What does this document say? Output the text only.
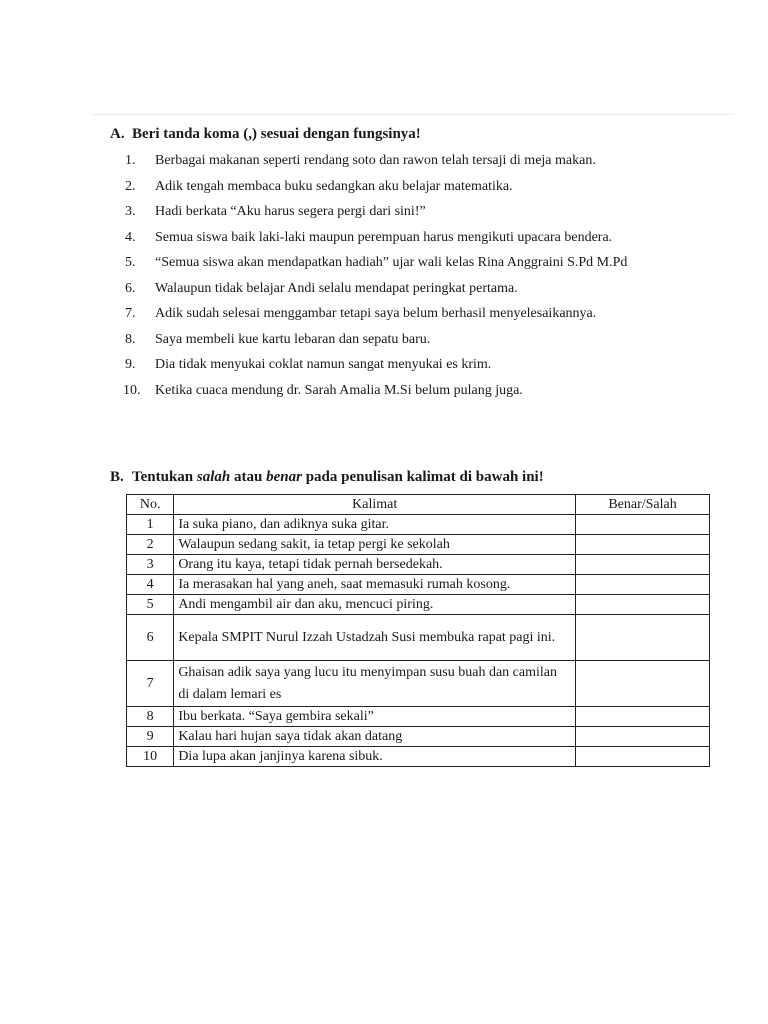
A. Beri tanda koma (,) sesuai dengan fungsinya!
1.	Berbagai makanan seperti rendang soto dan rawon telah tersaji di meja makan.
2.	Adik tengah membaca buku sedangkan aku belajar matematika.
3.	Hadi berkata “Aku harus segera pergi dari sini!”
4.	Semua siswa baik laki-laki maupun perempuan harus mengikuti upacara bendera.
5.	“Semua siswa akan mendapatkan hadiah” ujar wali kelas Rina Anggraini S.Pd M.Pd
6.	Walaupun tidak belajar Andi selalu mendapat peringkat pertama.
7.	Adik sudah selesai menggambar tetapi saya belum berhasil menyelesaikannya.
8.	Saya membeli kue kartu lebaran dan sepatu baru.
9.	Dia tidak menyukai coklat namun sangat menyukai es krim.
10.	Ketika cuaca mendung dr. Sarah Amalia M.Si belum pulang juga.
B. Tentukan salah atau benar pada penulisan kalimat di bawah ini!
No.	Kalimat	Benar/Salah
1	Ia suka piano, dan adiknya suka gitar.	
2	Walaupun sedang sakit, ia tetap pergi ke sekolah	
3	Orang itu kaya, tetapi tidak pernah bersedekah.	
4	Ia merasakan hal yang aneh, saat memasuki rumah kosong.	
5	Andi mengambil air dan aku, mencuci piring.	
6	Kepala SMPIT Nurul Izzah Ustadzah Susi membuka rapat pagi ini.	
7	Ghaisan adik saya yang lucu itu menyimpan susu buah dan camilan di dalam lemari es	
8	Ibu berkata. “Saya gembira sekali”	
9	Kalau hari hujan saya tidak akan datang	
10	Dia lupa akan janjinya karena sibuk.	
